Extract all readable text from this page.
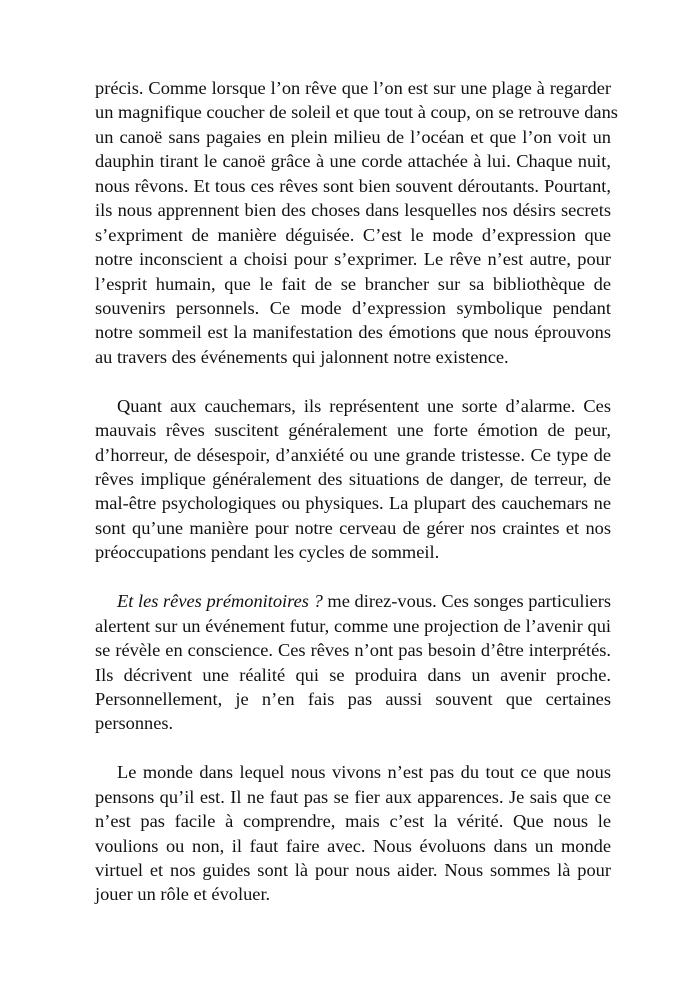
précis. Comme lorsque l’on rêve que l’on est sur une plage à regarder
un magnifique coucher de soleil et que tout à coup, on se retrouve dans
un canoë sans pagaies en plein milieu de l’océan et que l’on voit un
dauphin tirant le canoë grâce à une corde attachée à lui. Chaque nuit,
nous rêvons. Et tous ces rêves sont bien souvent déroutants. Pourtant,
ils nous apprennent bien des choses dans lesquelles nos désirs secrets
s’expriment de manière déguisée. C’est le mode d’expression que
notre inconscient a choisi pour s’exprimer. Le rêve n’est autre, pour
l’esprit humain, que le fait de se brancher sur sa bibliothèque de
souvenirs personnels. Ce mode d’expression symbolique pendant
notre sommeil est la manifestation des émotions que nous éprouvons
au travers des événements qui jalonnent notre existence.
Quant aux cauchemars, ils représentent une sorte d’alarme. Ces
mauvais rêves suscitent généralement une forte émotion de peur,
d’horreur, de désespoir, d’anxiété ou une grande tristesse. Ce type de
rêves implique généralement des situations de danger, de terreur, de
mal-être psychologiques ou physiques. La plupart des cauchemars ne
sont qu’une manière pour notre cerveau de gérer nos craintes et nos
préoccupations pendant les cycles de sommeil.
Et les rêves prémonitoires ? me direz-vous. Ces songes particuliers
alertent sur un événement futur, comme une projection de l’avenir qui
se révèle en conscience. Ces rêves n’ont pas besoin d’être interprétés.
Ils décrivent une réalité qui se produira dans un avenir proche.
Personnellement, je n’en fais pas aussi souvent que certaines
personnes.
Le monde dans lequel nous vivons n’est pas du tout ce que nous
pensons qu’il est. Il ne faut pas se fier aux apparences. Je sais que ce
n’est pas facile à comprendre, mais c’est la vérité. Que nous le
voulions ou non, il faut faire avec. Nous évoluons dans un monde
virtuel et nos guides sont là pour nous aider. Nous sommes là pour
jouer un rôle et évoluer.
